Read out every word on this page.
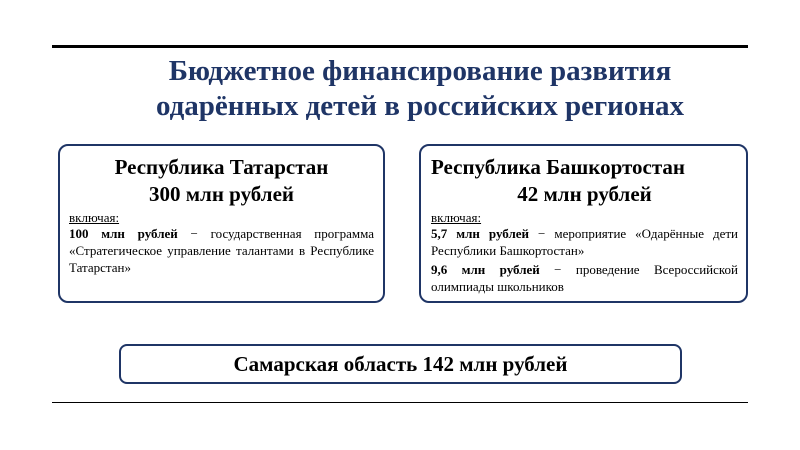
Бюджетное финансирование развития
одарённых детей в российских регионах
Республика Татарстан
300 млн рублей
включая:
100 млн рублей − государственная программа «Стратегическое управление талантами в Республике Татарстан»
Республика Башкортостан
42 млн рублей
включая:
5,7 млн рублей − мероприятие «Одарённые дети Республики Башкортостан»
9,6 млн рублей − проведение Всероссийской олимпиады школьников
Самарская область 142 млн рублей
